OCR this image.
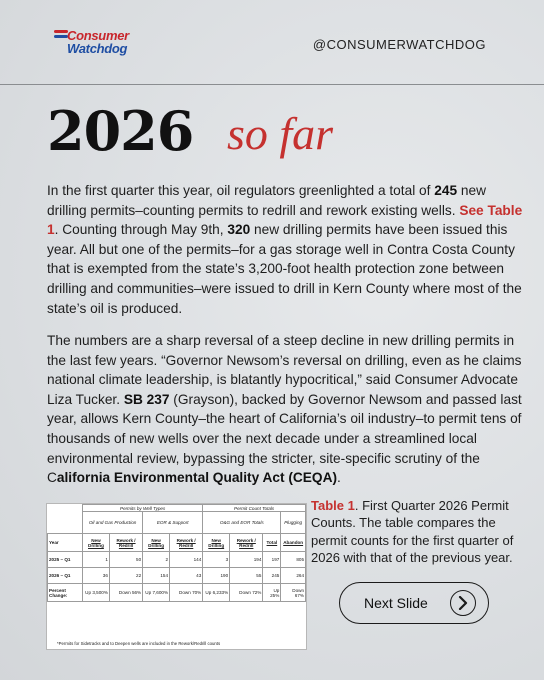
Consumer
Watchdog	@CONSUMERWATCHDOG
2026 so far
In the first quarter this year, oil regulators greenlighted a total of 245 new drilling permits–counting permits to redrill and rework existing wells. See Table 1. Counting through May 9th, 320 new drilling permits have been issued this year. All but one of the permits–for a gas storage well in Contra Costa County that is exempted from the state’s 3,200-foot health protection zone between drilling and communities–were issued to drill in Kern County where most of the state’s oil is produced.
The numbers are a sharp reversal of a steep decline in new drilling permits in the last few years. “Governor Newsom’s reversal on drilling, even as he claims national climate leadership, is blatantly hypocritical,” said Consumer Advocate Liza Tucker. SB 237 (Grayson), backed by Governor Newsom and passed last year, allows Kern County–the heart of California’s oil industry–to permit tens of thousands of new wells over the next decade under a streamlined local environmental review, bypassing the stricter, site-specific scrutiny of the California Environmental Quality Act (CEQA).
	Permits by Well Types				Permit Count Totals			
	Oil and Gas Production		EOR & Support		O&G and EOR Totals			Plugging
Year	New Drilling	Rework / Redrill	New Drilling	Rework / Redrill	New Drilling	Rework / Redrill	Total	Abandon
2025 – Q1	1	50	2	144	3	194	197	805
2026 – Q1	36	22	154	43	190	55	245	264
Percent Change:	Up 3,500%	Down 56%	Up 7,600%	Down 70%	Up 6,233%	Down 72%	Up 25%	Down 67%
*Permits for Sidetracks and to Deepen wells are included in the Rework/Redrill counts
Table 1. First Quarter 2026 Permit Counts. The table compares the permit counts for the first quarter of 2026 with that of the previous year.
Next Slide
